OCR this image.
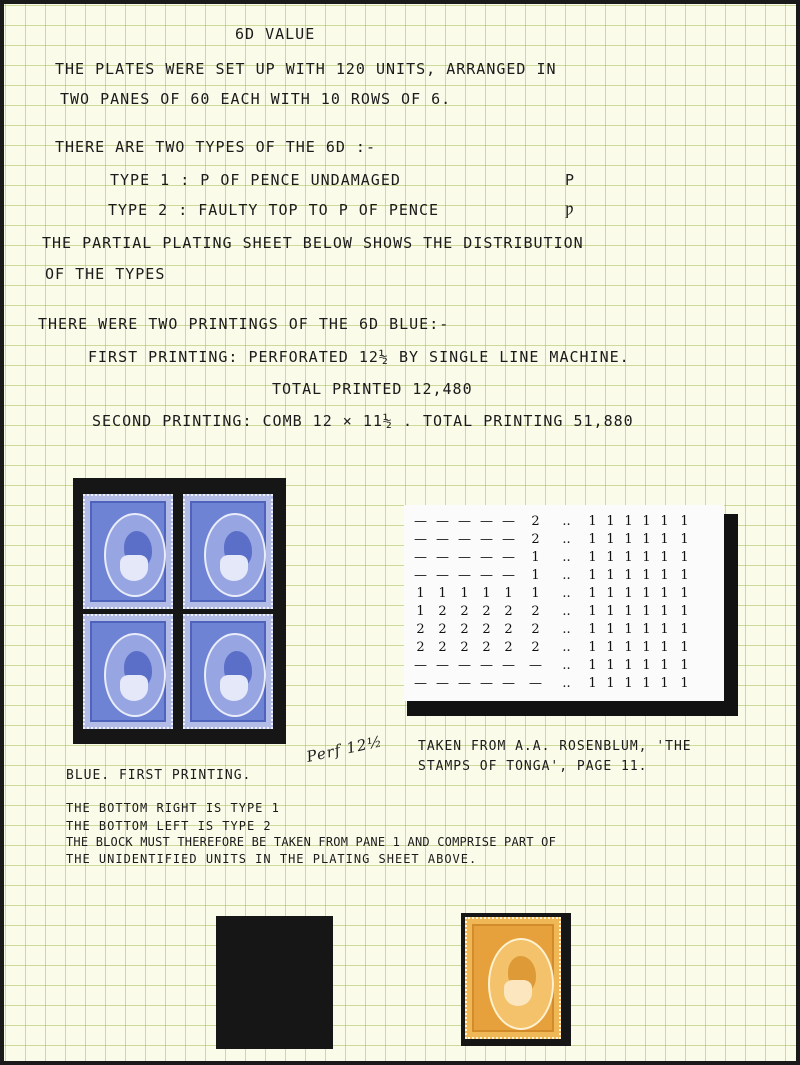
6D VALUE

THE PLATES WERE SET UP WITH 120 UNITS, ARRANGED IN

TWO PANES OF 60 EACH WITH 10 ROWS OF 6.

THERE ARE TWO TYPES OF THE 6D :-

TYPE 1 : P OF PENCE UNDAMAGED	P

TYPE 2 : FAULTY TOP TO P OF PENCE	Ƿ

THE PARTIAL PLATING SHEET BELOW SHOWS THE DISTRIBUTION

OF THE TYPES

THERE WERE TWO PRINTINGS OF THE 6D BLUE:-

FIRST PRINTING: PERFORATED 12½ BY SINGLE LINE MACHINE.

TOTAL PRINTED 12,480

SECOND PRINTING: COMB 12 × 11½ . TOTAL PRINTING 51,880

— — — — —	2	..	1 1 1 1 1 1
— — — — —	2	..	1 1 1 1 1 1
— — — — —	1	..	1 1 1 1 1 1
— — — — —	1	..	1 1 1 1 1 1
1	1	1	1	1	1	..	1 1 1 1 1 1
1	2	2	2	2	2	..	1 1 1 1 1 1
2	2	2	2	2	2	..	1 1 1 1 1 1
2	2	2	2	2	2	..	1 1 1 1 1 1
— — — — — —	..	1 1 1 1 1 1
— — — — — —	..	1 1 1 1 1 1

TAKEN FROM A.A. ROSENBLUM, 'THE

STAMPS OF TONGA', PAGE 11.

Perf 12½

BLUE. FIRST PRINTING.

THE BOTTOM RIGHT IS TYPE 1

THE BOTTOM LEFT IS TYPE 2

THE BLOCK MUST THEREFORE BE TAKEN FROM PANE 1 AND COMPRISE PART OF

THE UNIDENTIFIED UNITS IN THE PLATING SHEET ABOVE.
